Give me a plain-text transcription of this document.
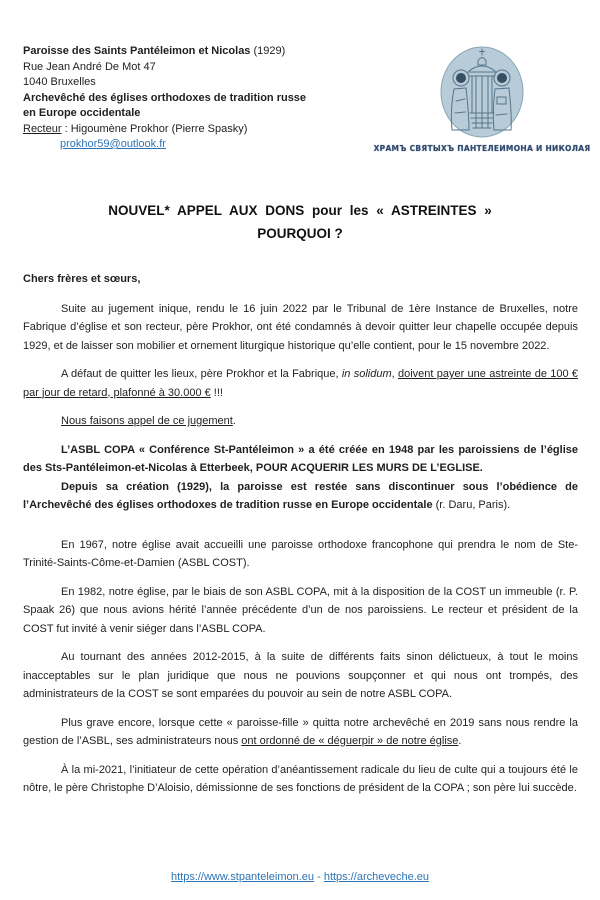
Paroisse des Saints Pantéleimon et Nicolas (1929)
Rue Jean André De Mot 47
1040 Bruxelles
Archevêché des églises orthodoxes de tradition russe
en Europe occidentale
Recteur : Higoumène Prokhor (Pierre Spasky)
prokhor59@outlook.fr	ХРАМЪ СВЯТЫХЪ ПАНТЕЛЕИМОНА И НИКОЛАЯ
NOUVEL* APPEL AUX DONS pour les « ASTREINTES »
POURQUOI ?

Chers frères et sœurs,

Suite au jugement inique, rendu le 16 juin 2022 par le Tribunal de 1ère Instance de Bruxelles, notre Fabrique d’église et son recteur, père Prokhor, ont été condamnés à devoir quitter leur chapelle occupée depuis 1929, et de laisser son mobilier et ornement liturgique historique qu’elle contient, pour le 15 novembre 2022.

A défaut de quitter les lieux, père Prokhor et la Fabrique, in solidum, doivent payer une astreinte de 100 € par jour de retard, plafonné à 30.000 € !!!

Nous faisons appel de ce jugement.

L’ASBL COPA « Conférence St-Pantéleimon » a été créée en 1948 par les paroissiens de l’église des Sts-Pantéleimon-et-Nicolas à Etterbeek, POUR ACQUERIR LES MURS DE L’EGLISE.

Depuis sa création (1929), la paroisse est restée sans discontinuer sous l’obédience de l’Archevêché des églises orthodoxes de tradition russe en Europe occidentale (r. Daru, Paris).

En 1967, notre église avait accueilli une paroisse orthodoxe francophone qui prendra le nom de Ste-Trinité-Saints-Côme-et-Damien (ASBL COST).

En 1982, notre église, par le biais de son ASBL COPA, mit à la disposition de la COST un immeuble (r. P. Spaak 26) que nous avions hérité l’année précédente d’un de nos paroissiens. Le recteur et président de la COST fut invité à venir siéger dans l’ASBL COPA.

Au tournant des années 2012-2015, à la suite de différents faits sinon délictueux, à tout le moins inacceptables sur le plan juridique que nous ne pouvions soupçonner et qui nous ont trompés, des administrateurs de la COST se sont emparées du pouvoir au sein de notre ASBL COPA.

Plus grave encore, lorsque cette « paroisse-fille » quitta notre archevêché en 2019 sans nous rendre la gestion de l’ASBL, ses administrateurs nous ont ordonné de « déguerpir » de notre église.

À la mi-2021, l’initiateur de cette opération d’anéantissement radicale du lieu de culte qui a toujours été le nôtre, le père Christophe D’Aloisio, démissionne de ses fonctions de président de la COPA ; son père lui succède.

https://www.stpanteleimon.eu - https://archeveche.eu
